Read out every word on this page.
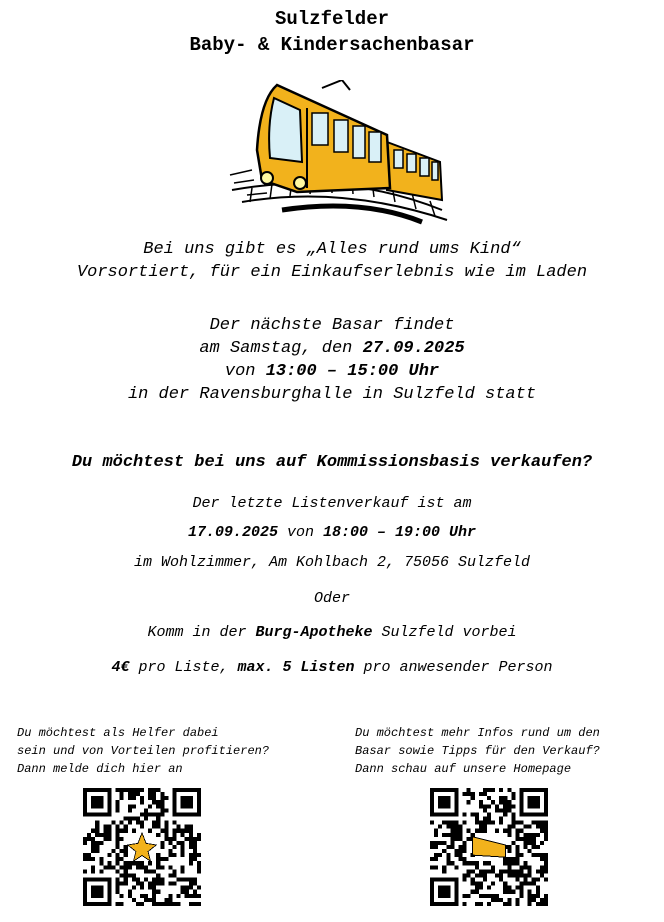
Sulzfelder
Baby- & Kindersachenbasar
Bei uns gibt es „Alles rund ums Kind“
Vorsortiert, für ein Einkaufserlebnis wie im Laden
Der nächste Basar findet
am Samstag, den 27.09.2025
von 13:00 – 15:00 Uhr
in der Ravensburghalle in Sulzfeld statt
Du möchtest bei uns auf Kommissionsbasis verkaufen?
Der letzte Listenverkauf ist am
17.09.2025 von 18:00 – 19:00 Uhr
im Wohlzimmer, Am Kohlbach 2, 75056 Sulzfeld
Oder
Komm in der Burg-Apotheke Sulzfeld vorbei
4€ pro Liste, max. 5 Listen pro anwesender Person
Du möchtest als Helfer dabei
sein und von Vorteilen profitieren?
Dann melde dich hier an
Du möchtest mehr Infos rund um den
Basar sowie Tipps für den Verkauf?
Dann schau auf unsere Homepage
